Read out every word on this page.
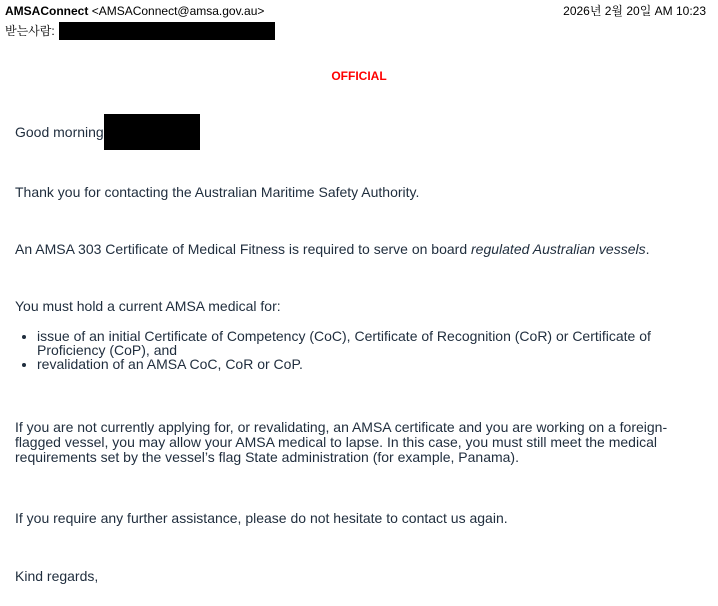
AMSAConnect <AMSAConnect@amsa.gov.au>	2026년 2월 20일 AM 10:23
받는사람:
OFFICIAL
Good morning
Thank you for contacting the Australian Maritime Safety Authority.
An AMSA 303 Certificate of Medical Fitness is required to serve on board regulated Australian vessels.
You must hold a current AMSA medical for:
• issue of an initial Certificate of Competency (CoC), Certificate of Recognition (CoR) or Certificate of Proficiency (CoP), and
• revalidation of an AMSA CoC, CoR or CoP.
If you are not currently applying for, or revalidating, an AMSA certificate and you are working on a foreign-flagged vessel, you may allow your AMSA medical to lapse. In this case, you must still meet the medical requirements set by the vessel’s flag State administration (for example, Panama).
If you require any further assistance, please do not hesitate to contact us again.
Kind regards,
